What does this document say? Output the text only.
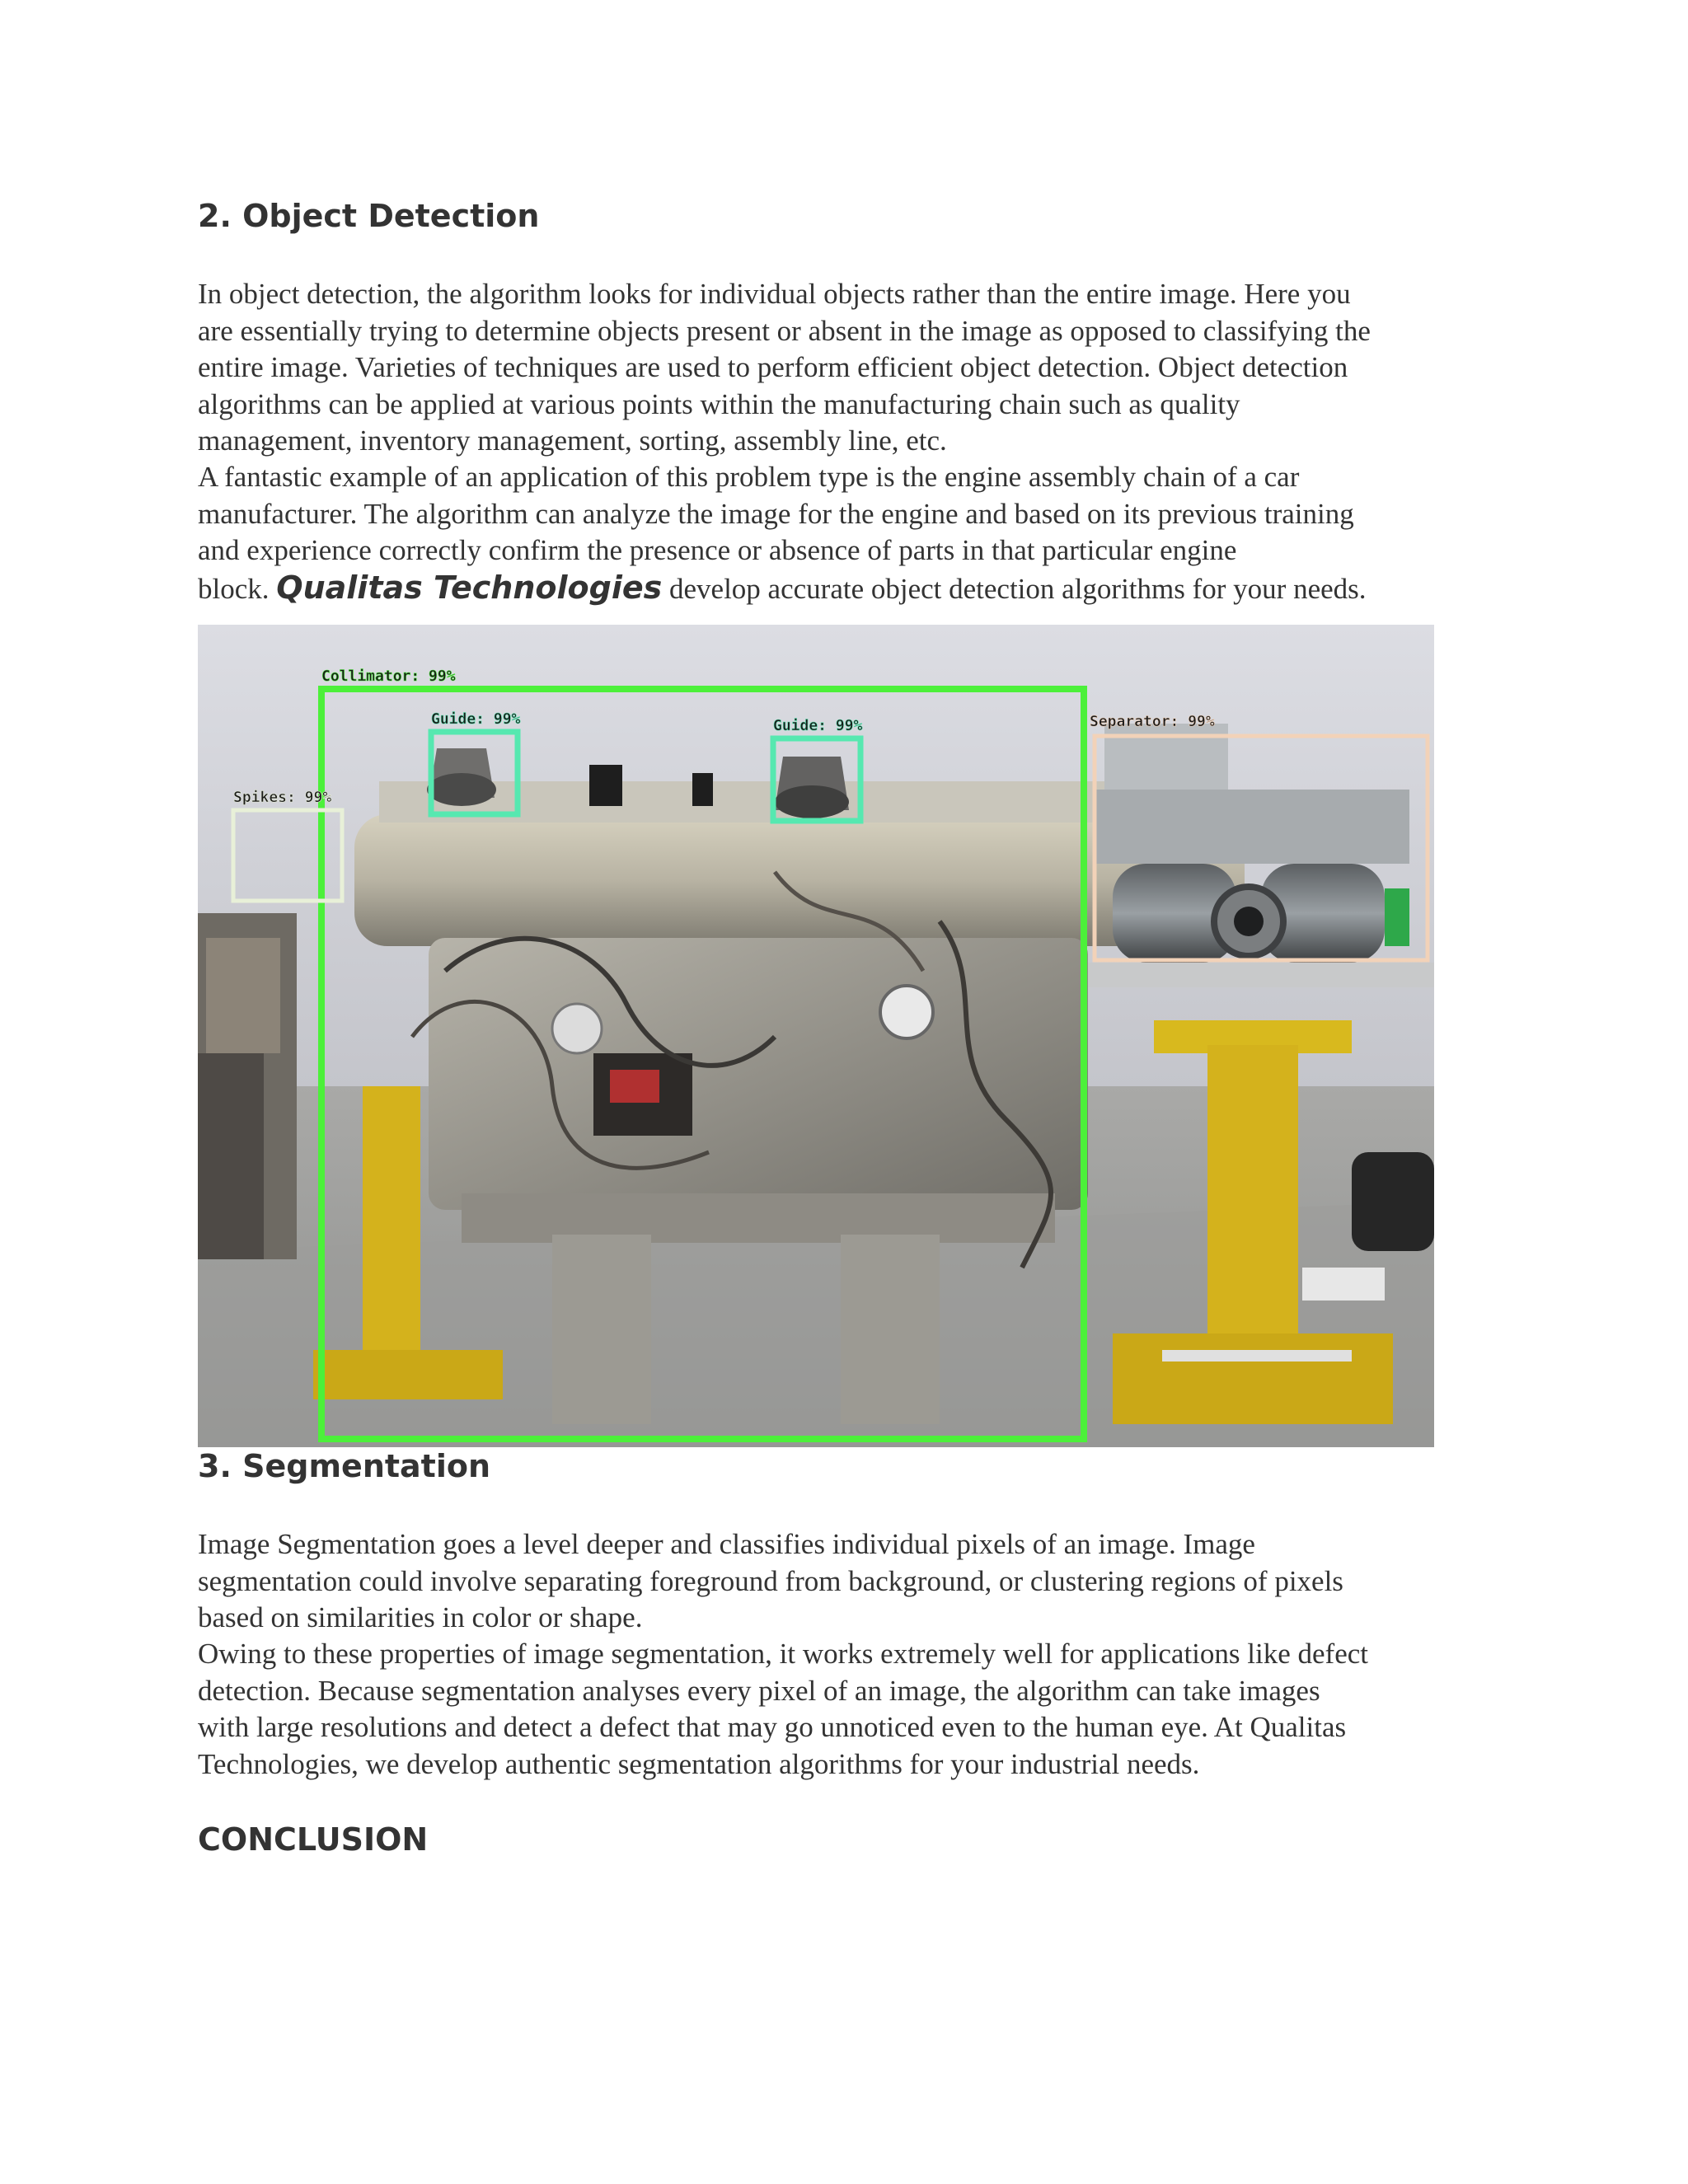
2. Object Detection

In object detection, the algorithm looks for individual objects rather than the entire image. Here you
are essentially trying to determine objects present or absent in the image as opposed to classifying the
entire image. Varieties of techniques are used to perform efficient object detection. Object detection
algorithms can be applied at various points within the manufacturing chain such as quality
management, inventory management, sorting, assembly line, etc.

A fantastic example of an application of this problem type is the engine assembly chain of a car
manufacturer. The algorithm can analyze the image for the engine and based on its previous training
and experience correctly confirm the presence or absence of parts in that particular engine
block. Qualitas Technologies develop accurate object detection algorithms for your needs.

Collimator: 99%
Guide: 99%	Guide: 99%
Spikes: 99%
Separator: 99%
3. Segmentation

Image Segmentation goes a level deeper and classifies individual pixels of an image. Image
segmentation could involve separating foreground from background, or clustering regions of pixels
based on similarities in color or shape.

Owing to these properties of image segmentation, it works extremely well for applications like defect
detection. Because segmentation analyses every pixel of an image, the algorithm can take images
with large resolutions and detect a defect that may go unnoticed even to the human eye. At Qualitas
Technologies, we develop authentic segmentation algorithms for your industrial needs.

CONCLUSION
